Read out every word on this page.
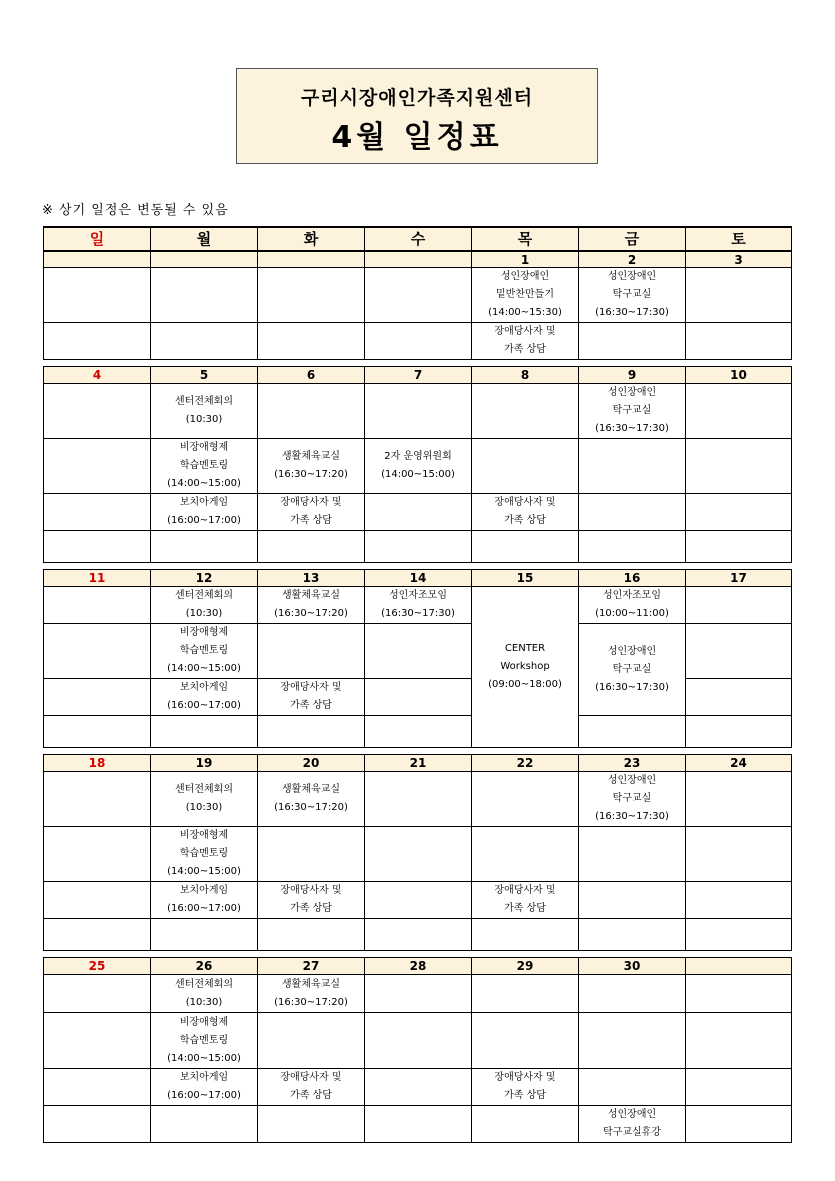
구리시장애인가족지원센터
4월 일정표
※ 상기 일정은 변동될 수 있음
일	월	화	수	목	금	토
				1	2	3

				성인장애인
밑반찬만들기
(14:00~15:30)	성인장애인
탁구교실
(16:30~17:30)	

				장애당사자 및
가족 상담		

4	5	6	7	8	9	10

	센터전체회의
(10:30)				성인장애인
탁구교실
(16:30~17:30)	

	비장애형제
학습멘토링
(14:00~15:00)	생활체육교실
(16:30~17:20)	2자 운영위원회
(14:00~15:00)			

	보치아게임
(16:00~17:00)	장애당사자 및
가족 상담		장애당사자 및
가족 상담		

11	12	13	14	15	16	17

	센터전체회의
(10:30)	생활체육교실
(16:30~17:20)	성인자조모임
(16:30~17:30)	CENTER
Workshop
(09:00~18:00)	성인자조모임
(10:00~11:00)	

	비장애형제
학습멘토링
(14:00~15:00)				성인장애인
탁구교실
(16:30~17:30)	

	보치아게임
(16:00~17:00)	장애당사자 및
가족 상담				

18	19	20	21	22	23	24

	센터전체회의
(10:30)	생활체육교실
(16:30~17:20)			성인장애인
탁구교실
(16:30~17:30)	

	비장애형제
학습멘토링
(14:00~15:00)					

	보치아게임
(16:00~17:00)	장애당사자 및
가족 상담		장애당사자 및
가족 상담		

25	26	27	28	29	30	

	센터전체회의
(10:30)	생활체육교실
(16:30~17:20)				

	비장애형제
학습멘토링
(14:00~15:00)					

	보치아게임
(16:00~17:00)	장애당사자 및
가족 상담		장애당사자 및
가족 상담		

					성인장애인
탁구교실휴강	
